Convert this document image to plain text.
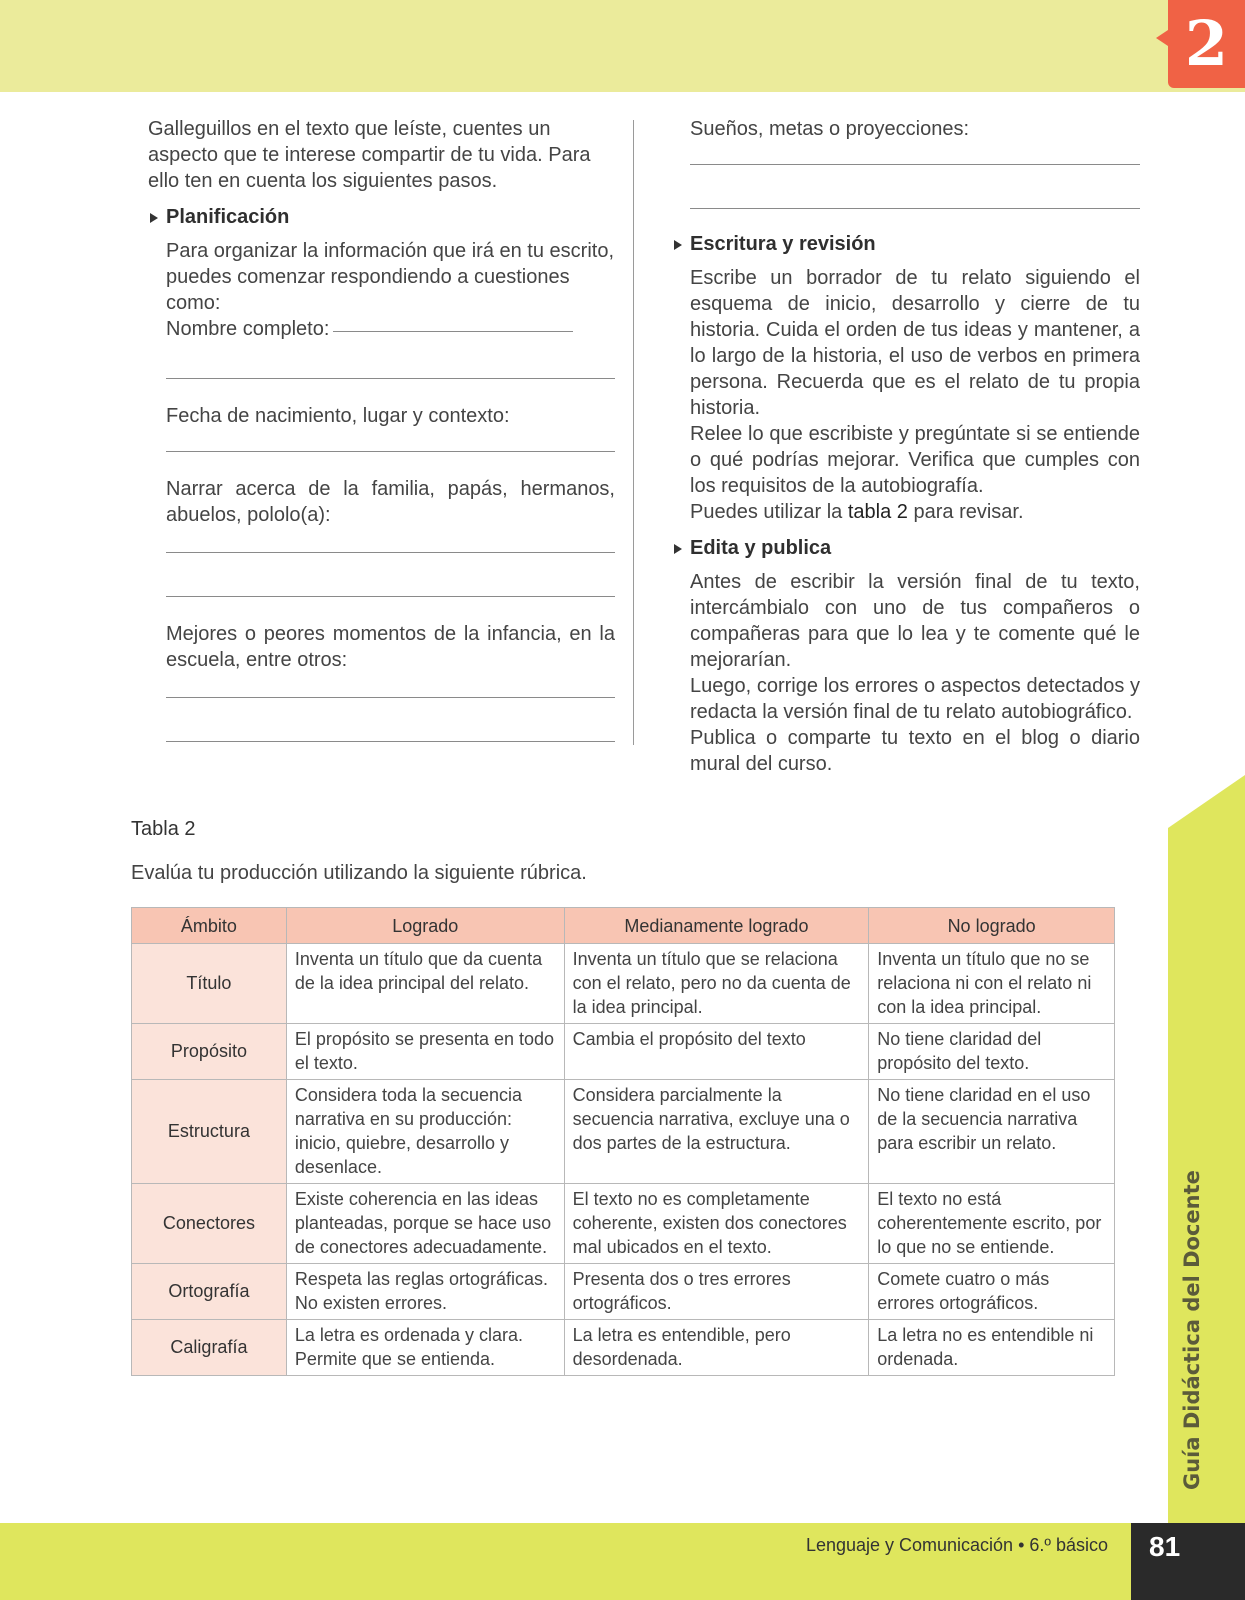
2

Galleguillos en el texto que leíste, cuentes un aspecto que te interese compartir de tu vida. Para ello ten en cuenta los siguientes pasos.

Planificación

Para organizar la información que irá en tu escrito, puedes comenzar respondiendo a cuestiones como:

Nombre completo:

Fecha de nacimiento, lugar y contexto:

Narrar acerca de la familia, papás, hermanos, abuelos, pololo(a):

Mejores o peores momentos de la infancia, en la escuela, entre otros:

Sueños, metas o proyecciones:

Escritura y revisión

Escribe un borrador de tu relato siguiendo el esquema de inicio, desarrollo y cierre de tu historia. Cuida el orden de tus ideas y mantener, a lo largo de la historia, el uso de verbos en primera persona. Recuerda que es el relato de tu propia historia.

Relee lo que escribiste y pregúntate si se entiende o qué podrías mejorar. Verifica que cumples con los requisitos de la autobiografía.

Puedes utilizar la tabla 2 para revisar.

Edita y publica

Antes de escribir la versión final de tu texto, intercámbialo con uno de tus compañeros o compañeras para que lo lea y te comente qué le mejorarían.

Luego, corrige los errores o aspectos detectados y redacta la versión final de tu relato autobiográfico.

Publica o comparte tu texto en el blog o diario mural del curso.

Tabla 2
Evalúa tu producción utilizando la siguiente rúbrica.
Ámbito	Logrado	Medianamente logrado	No logrado
Título	Inventa un título que da cuenta de la idea principal del relato.	Inventa un título que se relaciona con el relato, pero no da cuenta de la idea principal.	Inventa un título que no se relaciona ni con el relato ni con la idea principal.
Propósito	El propósito se presenta en todo el texto.	Cambia el propósito del texto	No tiene claridad del propósito del texto.
Estructura	Considera toda la secuencia narrativa en su producción: inicio, quiebre, desarrollo y desenlace.	Considera parcialmente la secuencia narrativa, excluye una o dos partes de la estructura.	No tiene claridad en el uso de la secuencia narrativa para escribir un relato.
Conectores	Existe coherencia en las ideas planteadas, porque se hace uso de conectores adecuadamente.	El texto no es completamente coherente, existen dos conectores mal ubicados en el texto.	El texto no está coherentemente escrito, por lo que no se entiende.
Ortografía	Respeta las reglas ortográficas. No existen errores.	Presenta dos o tres errores ortográficos.	Comete cuatro o más errores ortográficos.
Caligrafía	La letra es ordenada y clara. Permite que se entienda.	La letra es entendible, pero desordenada.	La letra no es entendible ni ordenada.	Guía Didáctica del Docente
Lenguaje y Comunicación • 6.º básico	81
